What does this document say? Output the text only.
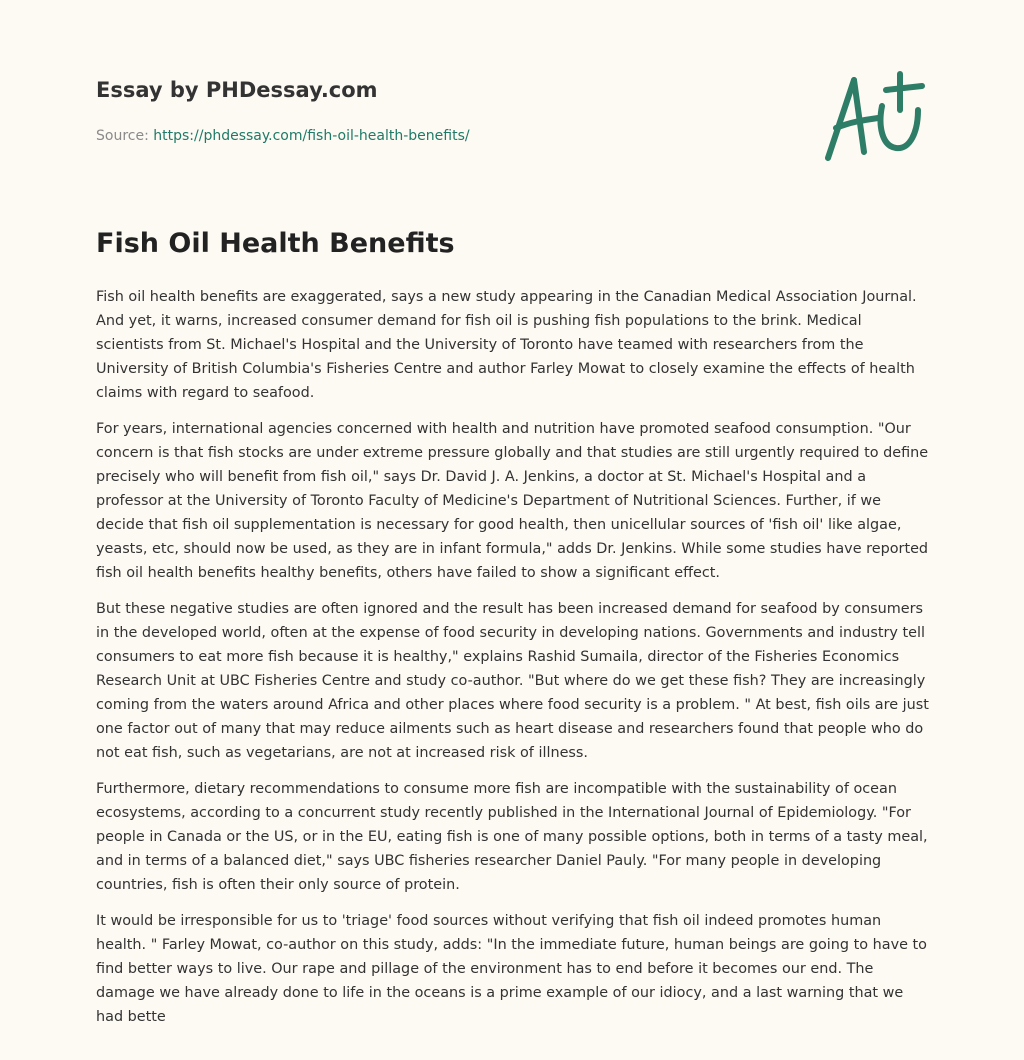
Essay by PHDessay.com
Source: https://phdessay.com/fish-oil-health-benefits/
Fish Oil Health Benefits

Fish oil health benefits are exaggerated, says a new study appearing in the Canadian Medical Association Journal. And yet, it warns, increased consumer demand for fish oil is pushing fish populations to the brink. Medical scientists from St. Michael's Hospital and the University of Toronto have teamed with researchers from the University of British Columbia's Fisheries Centre and author Farley Mowat to closely examine the effects of health claims with regard to seafood.

For years, international agencies concerned with health and nutrition have promoted seafood consumption. "Our concern is that fish stocks are under extreme pressure globally and that studies are still urgently required to define precisely who will benefit from fish oil," says Dr. David J. A. Jenkins, a doctor at St. Michael's Hospital and a professor at the University of Toronto Faculty of Medicine's Department of Nutritional Sciences. Further, if we decide that fish oil supplementation is necessary for good health, then unicellular sources of 'fish oil' like algae, yeasts, etc, should now be used, as they are in infant formula," adds Dr. Jenkins. While some studies have reported fish oil health benefits healthy benefits, others have failed to show a significant effect.

But these negative studies are often ignored and the result has been increased demand for seafood by consumers in the developed world, often at the expense of food security in developing nations. Governments and industry tell consumers to eat more fish because it is healthy," explains Rashid Sumaila, director of the Fisheries Economics Research Unit at UBC Fisheries Centre and study co-author. "But where do we get these fish? They are increasingly coming from the waters around Africa and other places where food security is a problem. " At best, fish oils are just one factor out of many that may reduce ailments such as heart disease and researchers found that people who do not eat fish, such as vegetarians, are not at increased risk of illness.

Furthermore, dietary recommendations to consume more fish are incompatible with the sustainability of ocean ecosystems, according to a concurrent study recently published in the International Journal of Epidemiology. "For people in Canada or the US, or in the EU, eating fish is one of many possible options, both in terms of a tasty meal, and in terms of a balanced diet," says UBC fisheries researcher Daniel Pauly. "For many people in developing countries, fish is often their only source of protein.

It would be irresponsible for us to 'triage' food sources without verifying that fish oil indeed promotes human health. " Farley Mowat, co-author on this study, adds: "In the immediate future, human beings are going to have to find better ways to live. Our rape and pillage of the environment has to end before it becomes our end. The damage we have already done to life in the oceans is a prime example of our idiocy, and a last warning that we had bette
